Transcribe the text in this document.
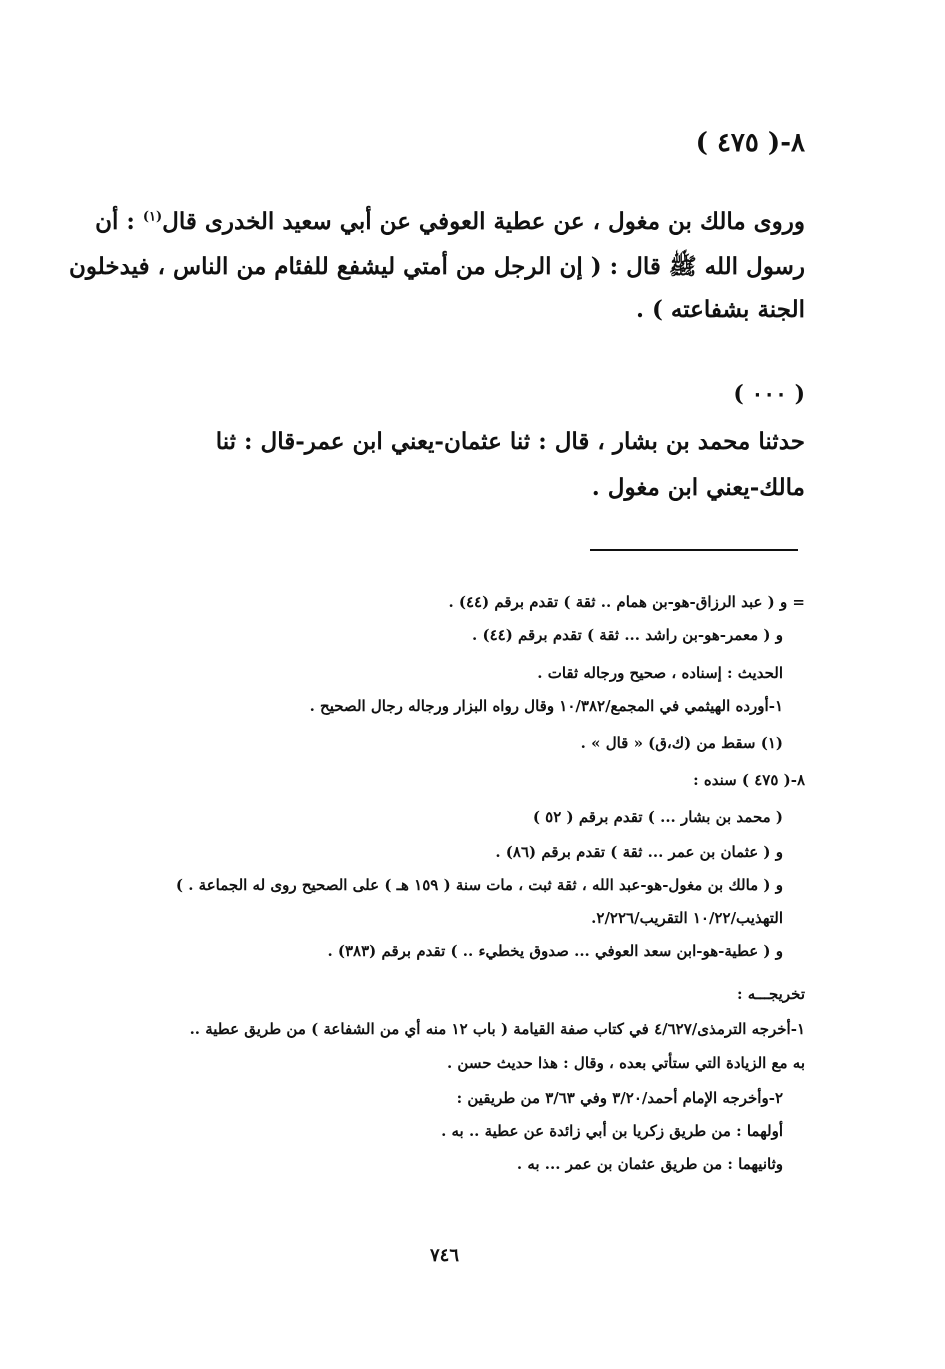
٨-( ٤٧٥ )
وروى مالك بن مغول ، عن عطية العوفي عن أبي سعيد الخدرى قال$^{(١)}$ : أن
رسول الله ﷺ قال : ( إن الرجل من أمتي ليشفع للفئام من الناس ، فيدخلون
الجنة بشفاعته ) .
( ٠٠٠ )
حدثنا محمد بن بشار ، قال : ثنا عثمان-يعني ابن عمر-قال : ثنا
مالك-يعني ابن مغول .
= و ( عبد الرزاق-هو-بن همام .. ثقة ) تقدم برقم (٤٤) .
و ( معمر-هو-بن راشد ... ثقة ) تقدم برقم (٤٤) .
الحديث : إسناده ، صحيح ورجاله ثقات .
١-أورده الهيثمي في المجمع/١٠/٣٨٢ وقال رواه البزار ورجاله رجال الصحيح .
(١) سقط من (ك،ق) « قال » .
٨-( ٤٧٥ ) سنده :
( محمد بن بشار ... ) تقدم برقم ( ٥٢ )
و ( عثمان بن عمر ... ثقة ) تقدم برقم (٨٦) .
و ( مالك بن مغول-هو-عبد الله ، ثقة ثبت ، مات سنة ( ١٥٩ هـ ) على الصحيح روى له الجماعة . )
التهذيب/١٠/٢٢ التقريب/٢/٢٢٦.
و ( عطية-هو-ابن سعد العوفي ... صدوق يخطيء .. ) تقدم برقم (٣٨٣) .
تخريجـــه :
١-أخرجه الترمذى/٤/٦٢٧ في كتاب صفة القيامة ( باب ١٢ منه أي من الشفاعة ) من طريق عطية ..
به مع الزيادة التي ستأتي بعده ، وقال : هذا حديث حسن .
٢-وأخرجه الإمام أحمد/٣/٢٠ وفي ٣/٦٣ من طريقين :
أولهما : من طريق زكريا بن أبي زائدة عن عطية .. به .
وثانيهما : من طريق عثمان بن عمر ... به .
٧٤٦
